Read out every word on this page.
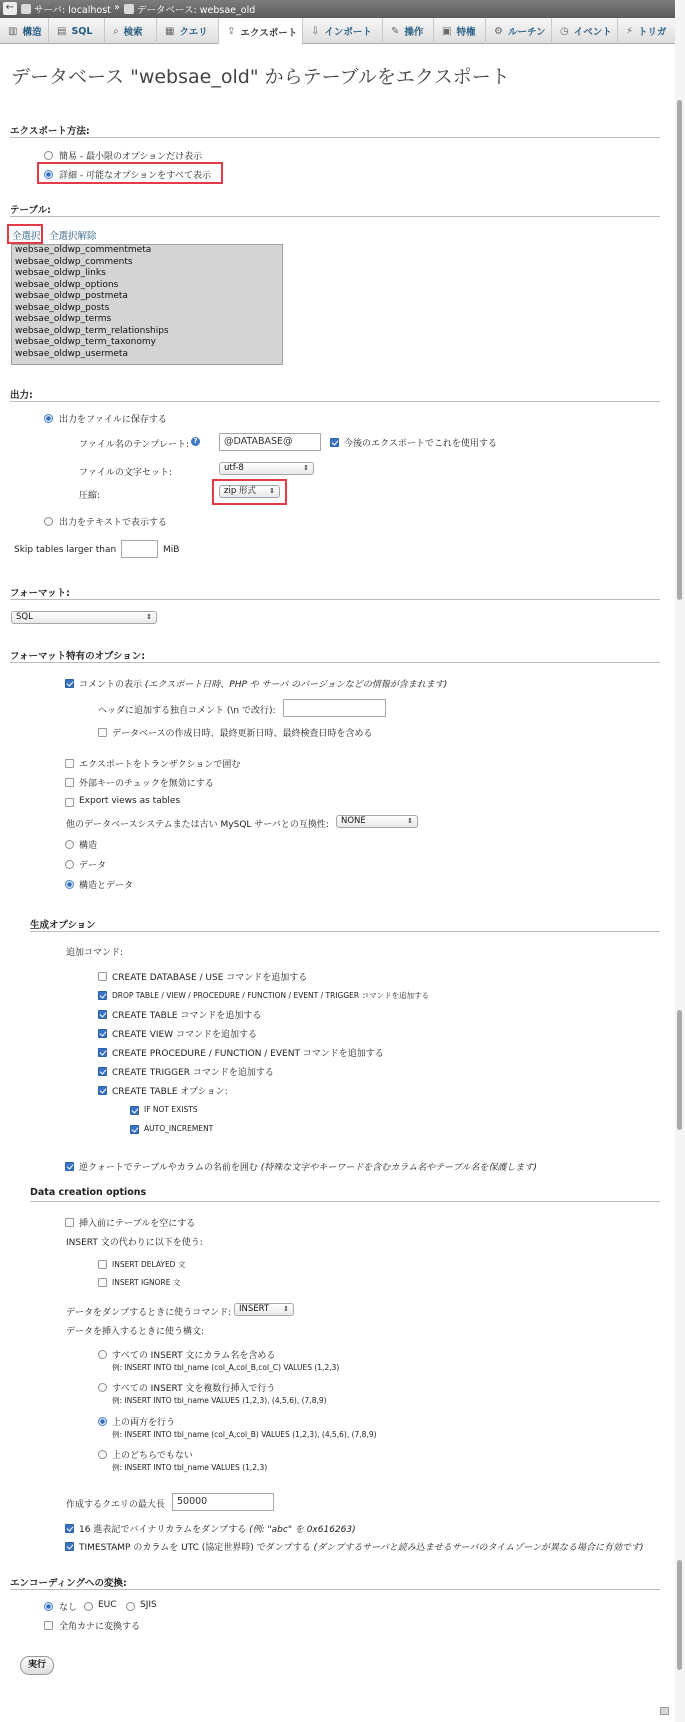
← サーバ: localhost » データベース: websae_old
▥ 構造 ▤ SQL ⌕ 検索 ▦ クエリ ⇪ エクスポート ⇩ インポート ✎ 操作 ▣ 特権 ⚙ ルーチン ◷ イベント ⚡ トリガ
データベース "websae_old" からテーブルをエクスポート
エクスポート方法:
簡易 - 最小限のオプションだけ表示
詳細 - 可能なオプションをすべて表示
テーブル:
全選択 全選択解除
websae_oldwp_commentmeta
websae_oldwp_comments
websae_oldwp_links
websae_oldwp_options
websae_oldwp_postmeta
websae_oldwp_posts
websae_oldwp_terms
websae_oldwp_term_relationships
websae_oldwp_term_taxonomy
websae_oldwp_usermeta
出力:
出力をファイルに保存する
ファイル名のテンプレート: ?	@DATABASE@	今後のエクスポートでこれを使用する
ファイルの文字セット:	utf-8	⇕
圧縮:	zip 形式 ⇕
出力をテキストで表示する
Skip tables larger than	MiB
フォーマット:
SQL	⇕
フォーマット特有のオプション:
コメントの表示 (エクスポート日時、PHP や サーバ のバージョンなどの情報が含まれます)
ヘッダに追加する独自コメント (\n で改行):
データベースの作成日時、最終更新日時、最終検査日時を含める
エクスポートをトランザクションで囲む
外部キーのチェックを無効にする
Export views as tables
他のデータベースシステムまたは古い MySQL サーバとの互換性:	NONE	⇕
構造
データ
構造とデータ
生成オプション
追加コマンド:
CREATE DATABASE / USE コマンドを追加する
DROP TABLE / VIEW / PROCEDURE / FUNCTION / EVENT / TRIGGER コマンドを追加する
CREATE TABLE コマンドを追加する
CREATE VIEW コマンドを追加する
CREATE PROCEDURE / FUNCTION / EVENT コマンドを追加する
CREATE TRIGGER コマンドを追加する
CREATE TABLE オプション:
IF NOT EXISTS
AUTO_INCREMENT
逆クォートでテーブルやカラムの名前を囲む (特殊な文字やキーワードを含むカラム名やテーブル名を保護します)
Data creation options
挿入前にテーブルを空にする
INSERT 文の代わりに以下を使う:
INSERT DELAYED 文
INSERT IGNORE 文
データをダンプするときに使うコマンド: INSERT ⇕
データを挿入するときに使う構文:
すべての INSERT 文にカラム名を含める
例: INSERT INTO tbl_name (col_A,col_B,col_C) VALUES (1,2,3)
すべての INSERT 文を複数行挿入で行う
例: INSERT INTO tbl_name VALUES (1,2,3), (4,5,6), (7,8,9)
上の両方を行う
例: INSERT INTO tbl_name (col_A,col_B) VALUES (1,2,3), (4,5,6), (7,8,9)
上のどちらでもない
例: INSERT INTO tbl_name VALUES (1,2,3)
作成するクエリの最大長	50000
16 進表記でバイナリカラムをダンプする (例: "abc" を 0x616263)
TIMESTAMP のカラムを UTC (協定世界時) でダンプする (ダンプするサーバと読み込ませるサーバのタイムゾーンが異なる場合に有効です)
エンコーディングへの変換:
なし EUC	SJIS
全角カナに変換する
実行
